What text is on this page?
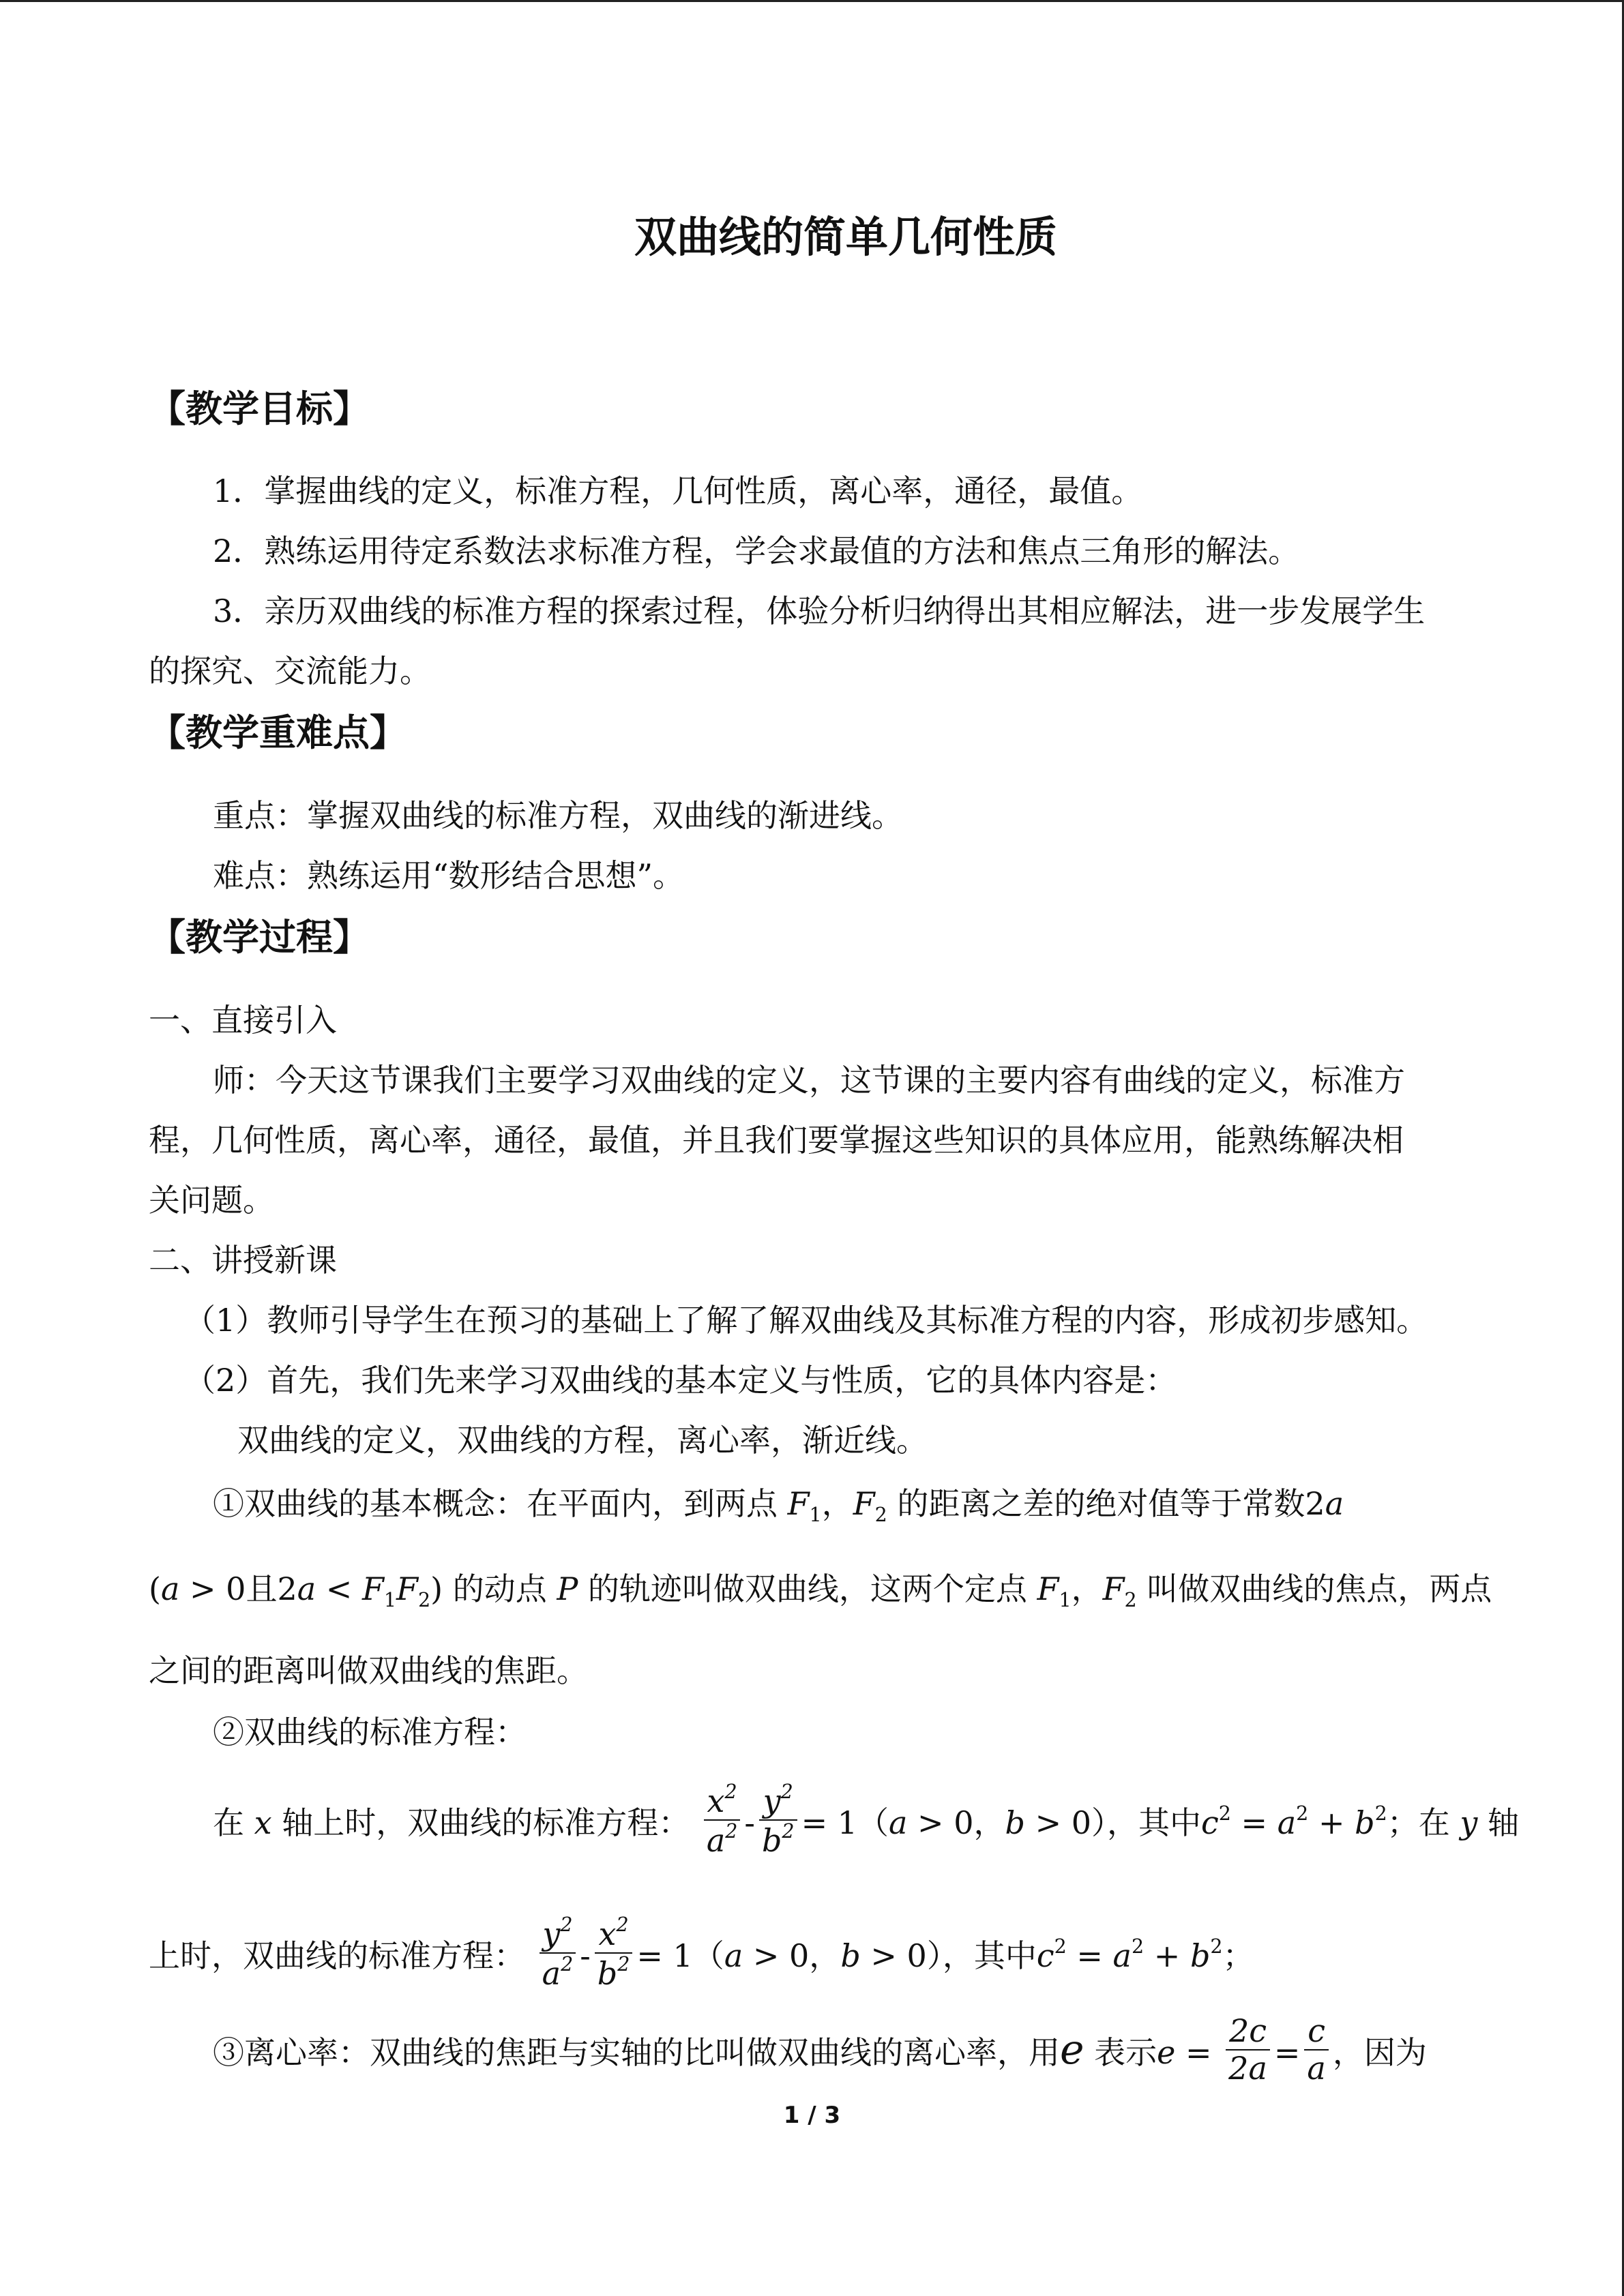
双曲线的简单几何性质
【教学目标】
1．掌握曲线的定义，标准方程，几何性质，离心率，通径，最值。
2．熟练运用待定系数法求标准方程，学会求最值的方法和焦点三角形的解法。
3．亲历双曲线的标准方程的探索过程，体验分析归纳得出其相应解法，进一步发展学生
的探究、交流能力。
【教学重难点】
重点：掌握双曲线的标准方程，双曲线的渐进线。
难点：熟练运用“数形结合思想”。
【教学过程】
一、直接引入
师：今天这节课我们主要学习双曲线的定义，这节课的主要内容有曲线的定义，标准方
程，几何性质，离心率，通径，最值，并且我们要掌握这些知识的具体应用，能熟练解决相
关问题。
二、讲授新课
（1）教师引导学生在预习的基础上了解了解双曲线及其标准方程的内容，形成初步感知。
（2）首先，我们先来学习双曲线的基本定义与性质，它的具体内容是：
双曲线的定义，双曲线的方程，离心率，渐近线。
①双曲线的基本概念：在平面内，到两点 $F_1$，$F_2$ 的距离之差的绝对值等于常数2a
(a > 0且$2a < F_1F_2$) 的动点 P 的轨迹叫做双曲线，这两个定点 $F_1$，$F_2$ 叫做双曲线的焦点，两点
之间的距离叫做双曲线的焦距。
②双曲线的标准方程：
在 x 轴上时，双曲线的标准方程： $\frac{x^2}{a^2} - \frac{y^2}{b^2} = 1(a > 0$，b > 0），其中$c^2 = a^2 + b^2$；在 y 轴
上时，双曲线的标准方程： $\frac{y^2}{a^2} - \frac{x^2}{b^2} = 1(a > 0$，b > 0），其中$c^2 = a^2 + b^2$；
③离心率：双曲线的焦距与实轴的比叫做双曲线的离心率，用e 表示$e = \frac{2c}{2a} = \frac{c}{a}$ ，因为
1 / 3
